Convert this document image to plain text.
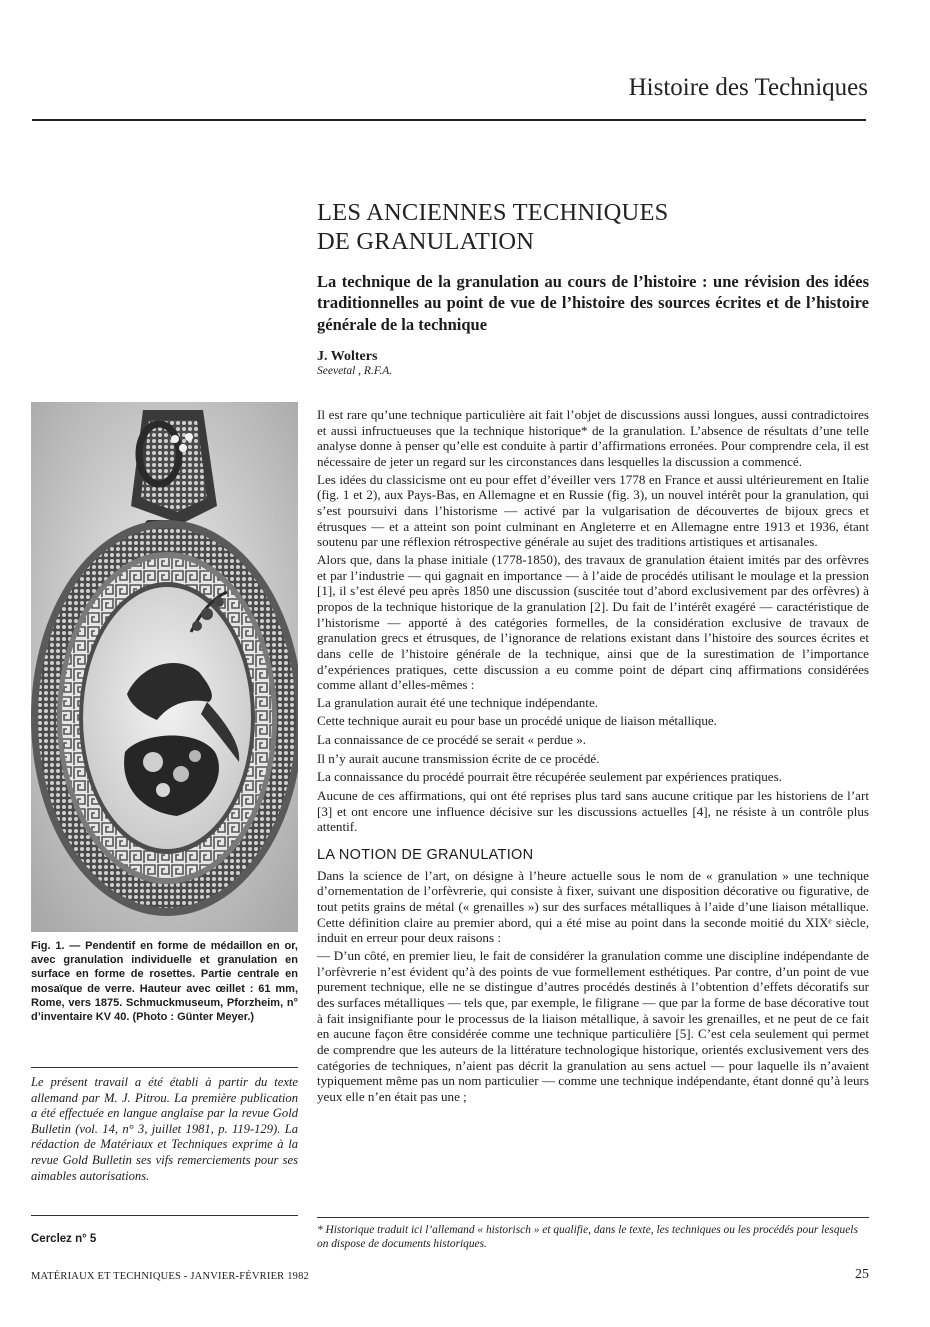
Histoire des Techniques
LES ANCIENNES TECHNIQUES
DE GRANULATION

La technique de la granulation au cours de l’histoire : une révision des idées traditionnelles au point de vue de l’histoire des sources écrites et de l’histoire générale de la technique

J. Wolters
Seevetal , R.F.A.

Fig. 1. — Pendentif en forme de médaillon en or, avec granulation individuelle et granulation en surface en forme de rosettes. Partie centrale en mosaïque de verre. Hauteur avec œillet : 61 mm, Rome, vers 1875. Schmuckmuseum, Pforzheim, n° d’inventaire KV 40. (Photo : Günter Meyer.)

Le présent travail a été établi à partir du texte allemand par M. J. Pitrou. La première publication a été effectuée en langue anglaise par la revue Gold Bulletin (vol. 14, n° 3, juillet 1981, p. 119-129). La rédaction de Matériaux et Techniques exprime à la revue Gold Bulletin ses vifs remerciements pour ses aimables autorisations.

Cerclez n° 5

Il est rare qu’une technique particulière ait fait l’objet de discussions aussi longues, aussi contradictoires et aussi infructueuses que la technique historique* de la granulation. L’absence de résultats d’une telle analyse donne à penser qu’elle est conduite à partir d’affirmations erronées. Pour comprendre cela, il est nécessaire de jeter un regard sur les circonstances dans lesquelles la discussion a commencé.

Les idées du classicisme ont eu pour effet d’éveiller vers 1778 en France et aussi ultérieurement en Italie (fig. 1 et 2), aux Pays-Bas, en Allemagne et en Russie (fig. 3), un nouvel intérêt pour la granulation, qui s’est poursuivi dans l’historisme — activé par la vulgarisation de découvertes de bijoux grecs et étrusques — et a atteint son point culminant en Angleterre et en Allemagne entre 1913 et 1936, étant soutenu par une réflexion rétrospective générale au sujet des traditions artistiques et artisanales.

Alors que, dans la phase initiale (1778-1850), des travaux de granulation étaient imités par des orfèvres et par l’industrie — qui gagnait en importance — à l’aide de procédés utilisant le moulage et la pression [1], il s’est élevé peu après 1850 une discussion (suscitée tout d’abord exclusivement par des orfèvres) à propos de la technique historique de la granulation [2]. Du fait de l’intérêt exagéré — caractéristique de l’historisme — apporté à des catégories formelles, de la considération exclusive de travaux de granulation grecs et étrusques, de l’ignorance de relations existant dans l’histoire des sources écrites et dans celle de l’histoire générale de la technique, ainsi que de la surestimation de l’importance d’expériences pratiques, cette discussion a eu comme point de départ cinq affirmations considérées comme allant d’elles-mêmes :

La granulation aurait été une technique indépendante.

Cette technique aurait eu pour base un procédé unique de liaison métallique.

La connaissance de ce procédé se serait « perdue ».

Il n’y aurait aucune transmission écrite de ce procédé.

La connaissance du procédé pourrait être récupérée seulement par expériences pratiques.

Aucune de ces affirmations, qui ont été reprises plus tard sans aucune critique par les historiens de l’art [3] et ont encore une influence décisive sur les discussions actuelles [4], ne résiste à un contrôle plus attentif.

LA NOTION DE GRANULATION

Dans la science de l’art, on désigne à l’heure actuelle sous le nom de « granulation » une technique d’ornementation de l’orfèvrerie, qui consiste à fixer, suivant une disposition décorative ou figurative, de tout petits grains de métal (« grenailles ») sur des surfaces métalliques à l’aide d’une liaison métallique. Cette définition claire au premier abord, qui a été mise au point dans la seconde moitié du XIXᵉ siècle, induit en erreur pour deux raisons :

— D’un côté, en premier lieu, le fait de considérer la granulation comme une discipline indépendante de l’orfèvrerie n’est évident qu’à des points de vue formellement esthétiques. Par contre, d’un point de vue purement technique, elle ne se distingue d’autres procédés destinés à l’obtention d’effets décoratifs sur des surfaces métalliques — tels que, par exemple, le filigrane — que par la forme de base décorative tout à fait insignifiante pour le processus de la liaison métallique, à savoir les grenailles, et ne peut de ce fait en aucune façon être considérée comme une technique particulière [5]. C’est cela seulement qui permet de comprendre que les auteurs de la littérature technologique historique, orientés exclusivement vers des catégories de techniques, n’aient pas décrit la granulation au sens actuel — pour laquelle ils n’avaient typiquement même pas un nom particulier — comme une technique indépendante, étant donné qu’à leurs yeux elle n’en était pas une ;

* Historique traduit ici l’allemand « historisch » et qualifie, dans le texte, les techniques ou les procédés pour lesquels on dispose de documents historiques.

MATÉRIAUX ET TECHNIQUES - JANVIER-FÉVRIER 1982	25
